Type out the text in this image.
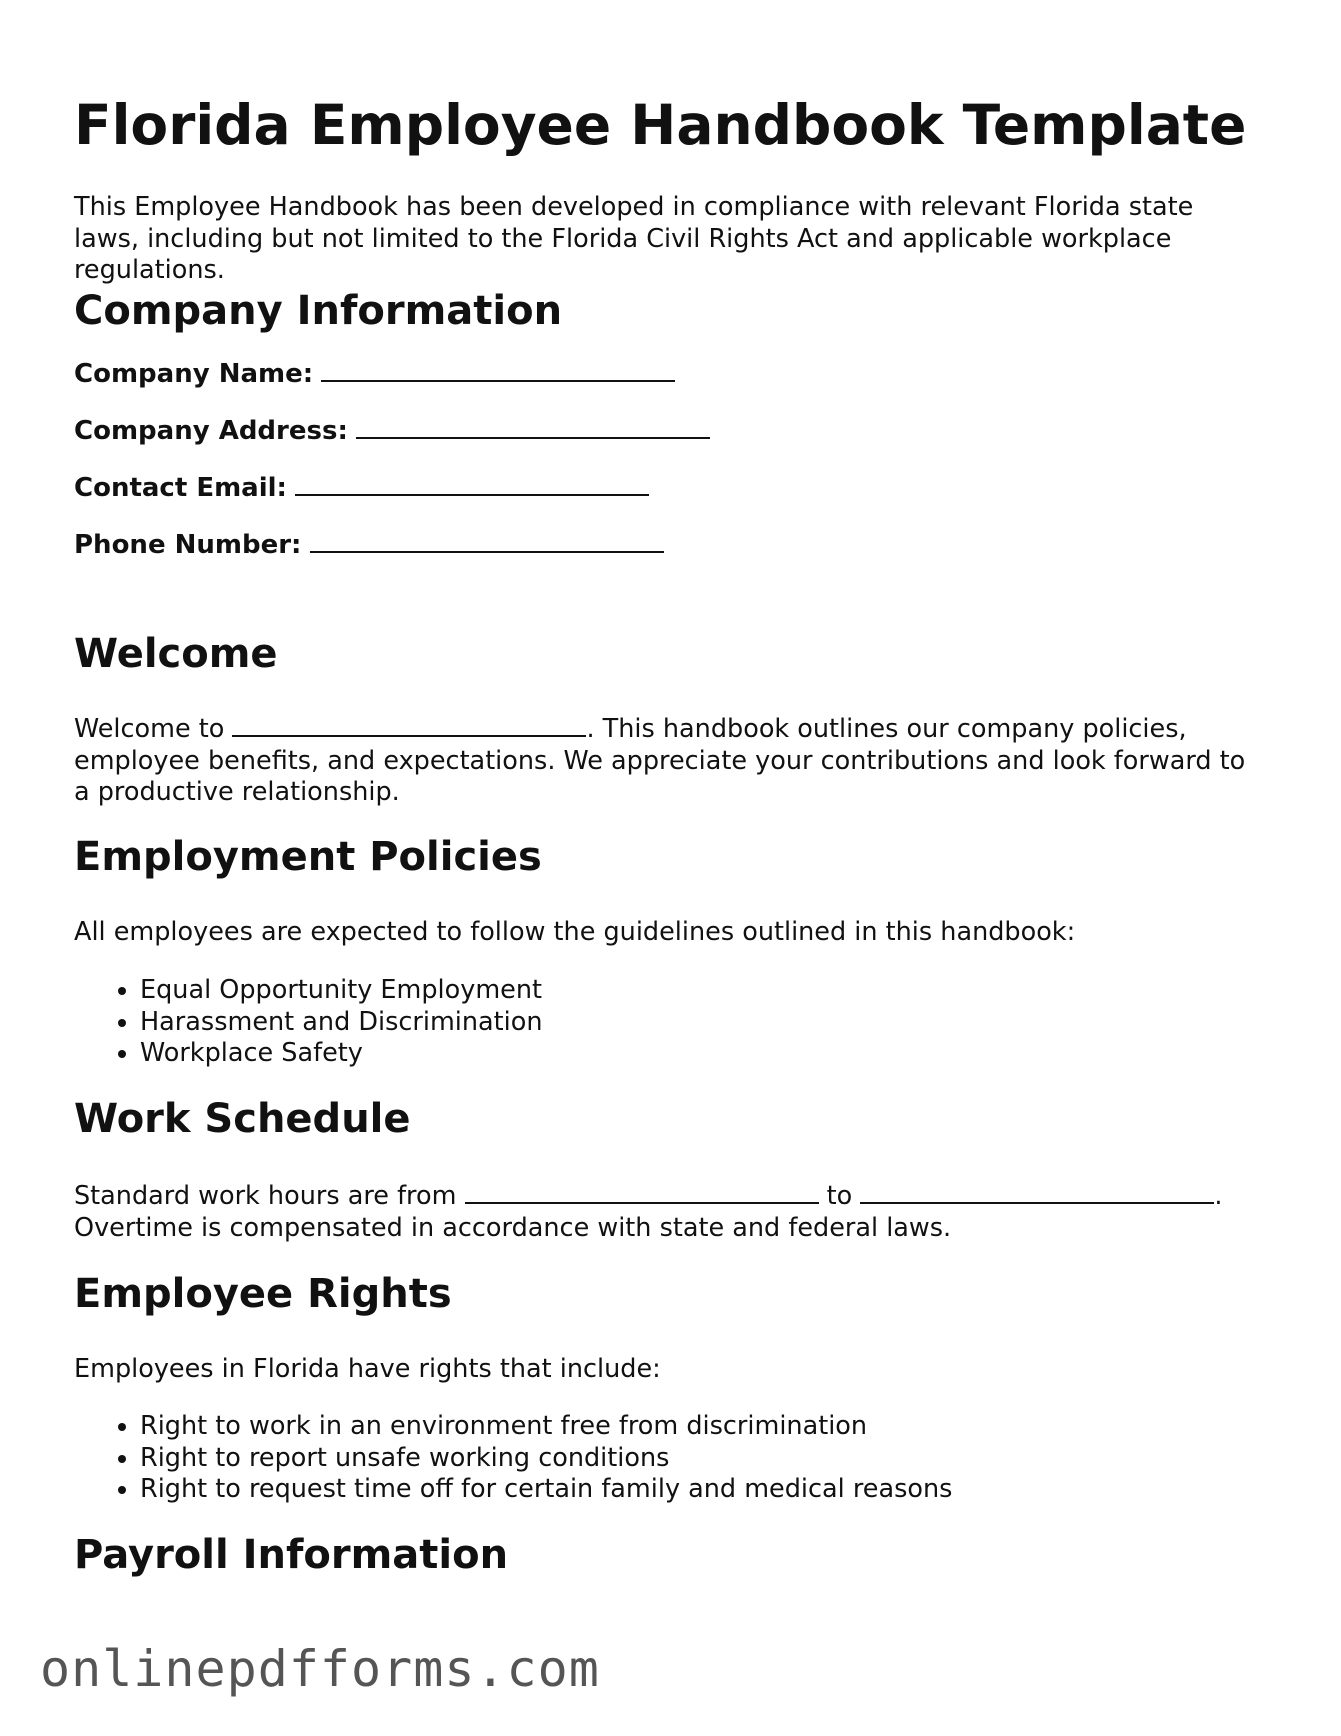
Florida Employee Handbook Template

This Employee Handbook has been developed in compliance with relevant Florida state laws, including but not limited to the Florida Civil Rights Act and applicable workplace regulations.

Company Information

Company Name:

Company Address:

Contact Email:

Phone Number:

Welcome

Welcome to	. This handbook outlines our company policies, employee benefits, and expectations. We appreciate your contributions and look forward to a productive relationship.

Employment Policies

All employees are expected to follow the guidelines outlined in this handbook:

• Equal Opportunity Employment
• Harassment and Discrimination
• Workplace Safety
Work Schedule

Standard work hours are from	to	.
Overtime is compensated in accordance with state and federal laws.

Employee Rights

Employees in Florida have rights that include:

• Right to work in an environment free from discrimination
• Right to report unsafe working conditions
• Right to request time off for certain family and medical reasons
Payroll Information
onlinepdfforms.com
